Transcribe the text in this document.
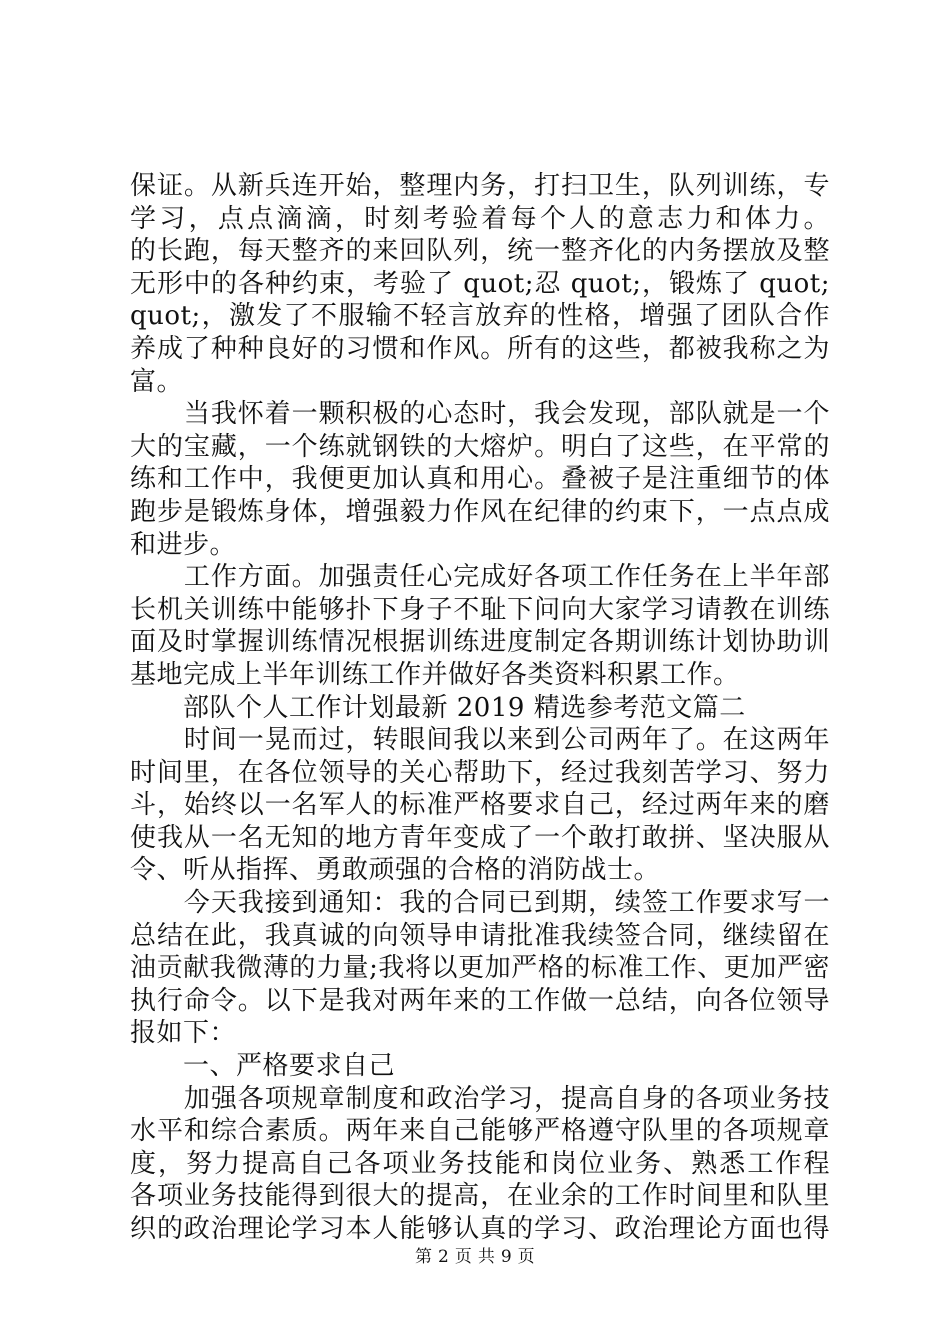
保证。从新兵连开始，整理内务，打扫卫生，队列训练，专
学习，点点滴滴，时刻考验着每个人的意志力和体力。
的长跑，每天整齐的来回队列，统一整齐化的内务摆放及整
无形中的各种约束，考验了 quot;忍 quot;，锻炼了 quot;
quot;，激发了不服输不轻言放弃的性格，增强了团队合作
养成了种种良好的习惯和作风。所有的这些，都被我称之为
富。
　　当我怀着一颗积极的心态时，我会发现，部队就是一个
大的宝藏，一个练就钢铁的大熔炉。明白了这些，在平常的
练和工作中，我便更加认真和用心。叠被子是注重细节的体
跑步是锻炼身体，增强毅力作风在纪律的约束下，一点点成
和进步。
　　工作方面。加强责任心完成好各项工作任务在上半年部
长机关训练中能够扑下身子不耻下问向大家学习请教在训练
面及时掌握训练情况根据训练进度制定各期训练计划协助训
基地完成上半年训练工作并做好各类资料积累工作。
　　部队个人工作计划最新 2019 精选参考范文篇二
　　时间一晃而过，转眼间我以来到公司两年了。在这两年
时间里，在各位领导的关心帮助下，经过我刻苦学习、努力
斗，始终以一名军人的标准严格要求自己，经过两年来的磨
使我从一名无知的地方青年变成了一个敢打敢拼、坚决服从
令、听从指挥、勇敢顽强的合格的消防战士。
　　今天我接到通知：我的合同已到期，续签工作要求写一
总结在此，我真诚的向领导申请批准我续签合同，继续留在
油贡献我微薄的力量;我将以更加严格的标准工作、更加严密
执行命令。以下是我对两年来的工作做一总结，向各位领导
报如下：
　　一、严格要求自己
　　加强各项规章制度和政治学习，提高自身的各项业务技
水平和综合素质。两年来自己能够严格遵守队里的各项规章
度，努力提高自己各项业务技能和岗位业务、熟悉工作程
各项业务技能得到很大的提高，在业余的工作时间里和队里
织的政治理论学习本人能够认真的学习、政治理论方面也得
第 2 页 共 9 页
